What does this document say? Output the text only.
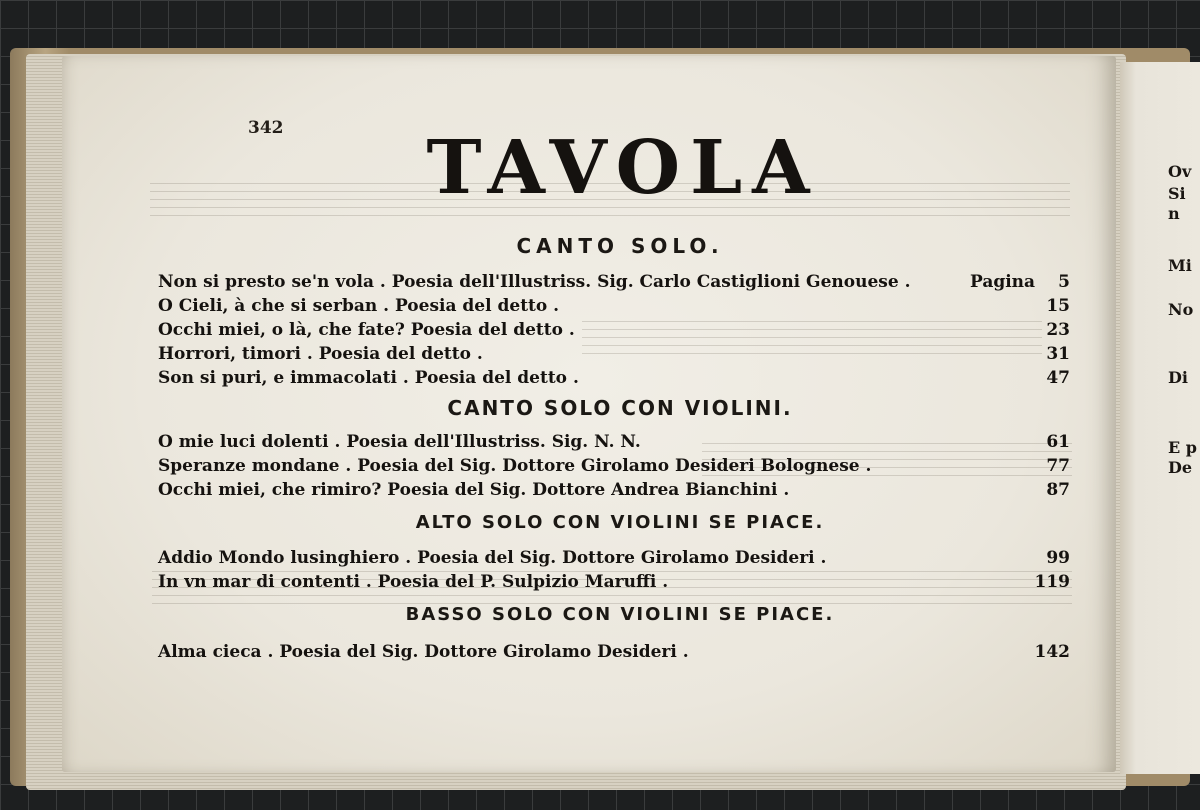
Ov
Si n
Mi
No
Di
E p
De
342	TAVOLA
CANTO SOLO.
Pagina
Non si presto se'n vola . Poesia dell'Illustriss. Sig. Carlo Castiglioni Genouese .	5
O Cieli, à che si serban . Poesia del detto .	15
Occhi miei, o là, che fate? Poesia del detto .	23
Horrori, timori . Poesia del detto .	31
Son si puri, e immacolati . Poesia del detto .	47
CANTO SOLO CON VIOLINI.
O mie luci dolenti . Poesia dell'Illustriss. Sig. N. N.	61
Speranze mondane . Poesia del Sig. Dottore Girolamo Desideri Bolognese .	77
Occhi miei, che rimiro? Poesia del Sig. Dottore Andrea Bianchini .	87
ALTO SOLO CON VIOLINI SE PIACE.
Addio Mondo lusinghiero . Poesia del Sig. Dottore Girolamo Desideri .	99
In vn mar di contenti . Poesia del P. Sulpizio Maruffi .	119
BASSO SOLO CON VIOLINI SE PIACE.
Alma cieca . Poesia del Sig. Dottore Girolamo Desideri .	142
